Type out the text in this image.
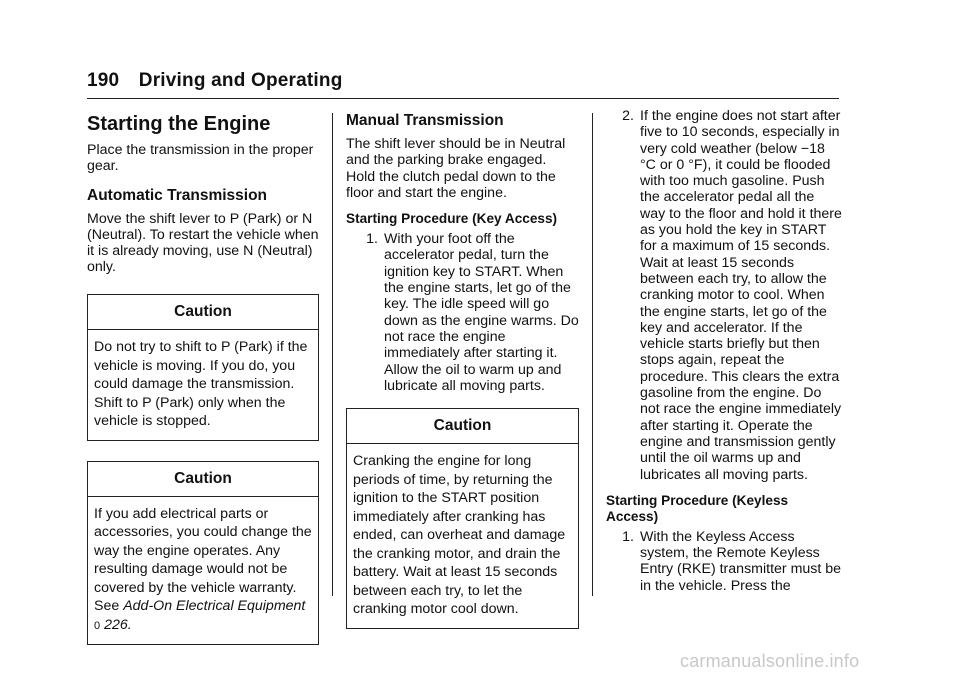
190 Driving and Operating
Starting the Engine

Place the transmission in the proper gear.

Automatic Transmission

Move the shift lever to P (Park) or N (Neutral). To restart the vehicle when it is already moving, use N (Neutral) only.

Caution
Do not try to shift to P (Park) if the vehicle is moving. If you do, you could damage the transmission. Shift to P (Park) only when the vehicle is stopped.
Caution
If you add electrical parts or accessories, you could change the way the engine operates. Any resulting damage would not be covered by the vehicle warranty. See Add-On Electrical Equipment 0 226.
Manual Transmission

The shift lever should be in Neutral and the parking brake engaged. Hold the clutch pedal down to the floor and start the engine.

Starting Procedure (Key Access)
1. With your foot off the accelerator pedal, turn the ignition key to START. When the engine starts, let go of the key. The idle speed will go down as the engine warms. Do not race the engine immediately after starting it. Allow the oil to warm up and lubricate all moving parts.
Caution
Cranking the engine for long periods of time, by returning the ignition to the START position immediately after cranking has ended, can overheat and damage the cranking motor, and drain the battery. Wait at least 15 seconds between each try, to let the cranking motor cool down.
2. If the engine does not start after five to 10 seconds, especially in very cold weather (below −18 °C or 0 °F), it could be flooded with too much gasoline. Push the accelerator pedal all the way to the floor and hold it there as you hold the key in START for a maximum of 15 seconds. Wait at least 15 seconds between each try, to allow the cranking motor to cool. When the engine starts, let go of the key and accelerator. If the vehicle starts briefly but then stops again, repeat the procedure. This clears the extra gasoline from the engine. Do not race the engine immediately after starting it. Operate the engine and transmission gently until the oil warms up and lubricates all moving parts.
Starting Procedure (Keyless Access)
1. With the Keyless Access system, the Remote Keyless Entry (RKE) transmitter must be in the vehicle. Press the
carmanualsonline.info
